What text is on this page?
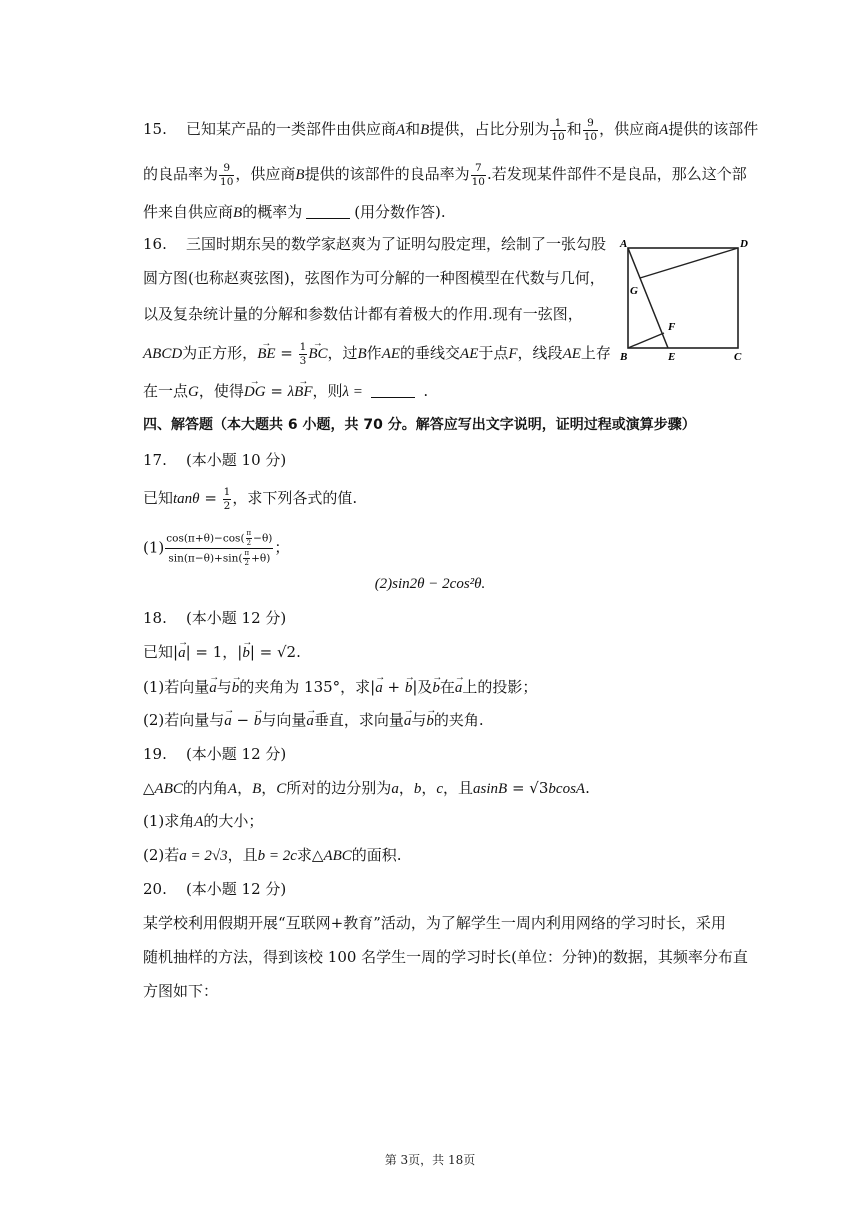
15. 已知某产品的一类部件由供应商A和B提供，占比分别为 $\frac{1}{10}$ 和 $\frac{9}{10}$ ，供应商A提供的该部件
的良品率为 $\frac{9}{10}$ ，供应商B提供的该部件的良品率为 $\frac{7}{10}$ .若发现某件部件不是良品，那么这个部
件来自供应商B的概率为	(用分数作答).
16. 三国时期东吴的数学家赵爽为了证明勾股定理，绘制了一张勾股
圆方图(也称赵爽弦图)，弦图作为可分解的一种图模型在代数与几何，
以及复杂统计量的分解和参数估计都有着极大的作用.现有一弦图，
ABCD为正方形，→ BE = $\frac{1}{3}$
→ BC，过B作AE的垂线交AE于点F，线段AE上存
在一点G，使得→ DG = λ→ BF，则λ =	.
A	D
G
F
B	E	C
四、解答题（本大题共 6 小题，共 70 分。解答应写出文字说明，证明过程或演算步骤）
17. (本小题 10 分)
已知$\tan\theta = \frac{1}{2}$ ，求下列各式的值.
$(1) \frac{\cos(\pi+\theta)-\cos( \frac{\pi}{2} -\theta)}{\sin(\pi-\theta)+\sin( \frac{\pi}{2} +\theta)}$ ；
(2)sin2θ − 2cos²θ.
18. (本小题 12 分)
已知|→ a| = 1，|→ b| = √2.
(1)若向量→ a与→ b的夹角为 135°，求|→ a + → b|及→ b在→ a上的投影；
(2)若向量与→ a − → b与向量→ a垂直，求向量→ a与→ b的夹角.
19. (本小题 12 分)
△ABC的内角A，B，C所对的边分别为a，b，c，且asinB = √3bcosA.
(1)求角A的大小；
(2)若a = 2√3，且b = 2c求△ABC的面积.
20. (本小题 12 分)
某学校利用假期开展“互联网+教育”活动，为了解学生一周内利用网络的学习时长，采用
随机抽样的方法，得到该校 100 名学生一周的学习时长(单位：分钟)的数据，其频率分布直
方图如下：
第 3页，共 18页
